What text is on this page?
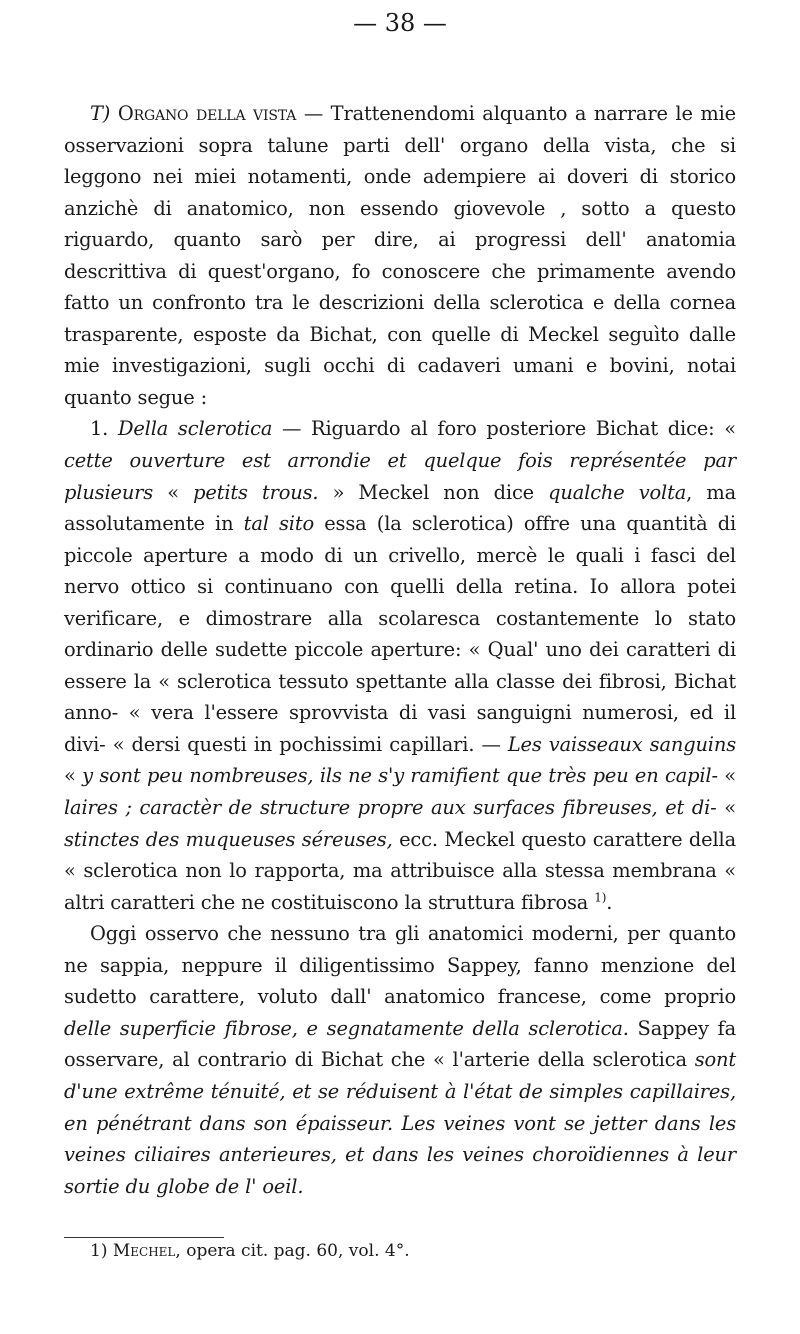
— 38 —

T) Organo della vista — Trattenendomi alquanto a narrare le mie osservazioni sopra talune parti dell' organo della vista, che si leggono nei miei notamenti, onde adempiere ai doveri di storico anzichè di anatomico, non essendo giovevole , sotto a questo riguardo, quanto sarò per dire, ai progressi dell' anatomia descrittiva di quest'organo, fo conoscere che primamente avendo fatto un confronto tra le descrizioni della sclerotica e della cornea trasparente, esposte da Bichat, con quelle di Meckel seguìto dalle mie investigazioni, sugli occhi di cadaveri umani e bovini, notai quanto segue :

1. Della sclerotica — Riguardo al foro posteriore Bichat dice: « cette ouverture est arrondie et quelque fois représentée par plusieurs « petits trous. » Meckel non dice qualche volta, ma assolutamente in tal sito essa (la sclerotica) offre una quantità di piccole aperture a modo di un crivello, mercè le quali i fasci del nervo ottico si continuano con quelli della retina. Io allora potei verificare, e dimostrare alla scolaresca costantemente lo stato ordinario delle sudette piccole aperture: « Qual' uno dei caratteri di essere la « sclerotica tessuto spettante alla classe dei fibrosi, Bichat anno- « vera l'essere sprovvista di vasi sanguigni numerosi, ed il divi- « dersi questi in pochissimi capillari. — Les vaisseaux sanguins « y sont peu nombreuses, ils ne s'y ramifient que très peu en capil- « laires ; caractèr de structure propre aux surfaces fibreuses, et di- « stinctes des muqueuses séreuses, ecc. Meckel questo carattere della « sclerotica non lo rapporta, ma attribuisce alla stessa membrana « altri caratteri che ne costituiscono la struttura fibrosa $^{1)}$.

Oggi osservo che nessuno tra gli anatomici moderni, per quanto ne sappia, neppure il diligentissimo Sappey, fanno menzione del sudetto carattere, voluto dall' anatomico francese, come proprio delle superficie fibrose, e segnatamente della sclerotica. Sappey fa osservare, al contrario di Bichat che « l'arterie della sclerotica sont d'une extrême ténuité, et se réduisent à l'état de simples capillaires, en pénétrant dans son épaisseur. Les veines vont se jetter dans les veines ciliaires anterieures, et dans les veines choroïdiennes à leur sortie du globe de l' oeil.

1) Mechel, opera cit. pag. 60, vol. 4°.
